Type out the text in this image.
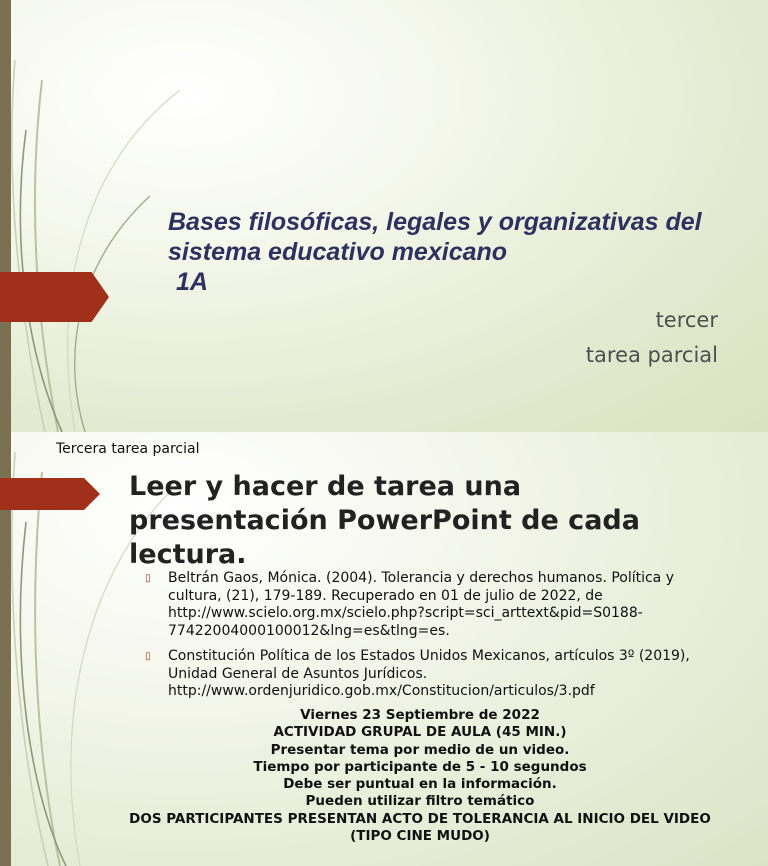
Bases filosóficas, legales y organizativas del
sistema educativo mexicano
1A
tercer
tarea parcial
Tercera tarea parcial
Leer y hacer de tarea una presentación PowerPoint de cada lectura.
▯ Beltrán Gaos, Mónica. (2004). Tolerancia y derechos humanos. Política y
cultura, (21), 179-189. Recuperado en 01 de julio de 2022, de
http://www.scielo.org.mx/scielo.php?script=sci_arttext&pid=S0188-
77422004000100012&lng=es&tlng=es.
▯ Constitución Política de los Estados Unidos Mexicanos, artículos 3º (2019),
Unidad General de Asuntos Jurídicos.
http://www.ordenjuridico.gob.mx/Constitucion/articulos/3.pdf
Viernes 23 Septiembre de 2022
ACTIVIDAD GRUPAL DE AULA (45 MIN.)
Presentar tema por medio de un video.
Tiempo por participante de 5 - 10 segundos
Debe ser puntual en la información.
Pueden utilizar filtro temático
DOS PARTICIPANTES PRESENTAN ACTO DE TOLERANCIA AL INICIO DEL VIDEO
(TIPO CINE MUDO)
